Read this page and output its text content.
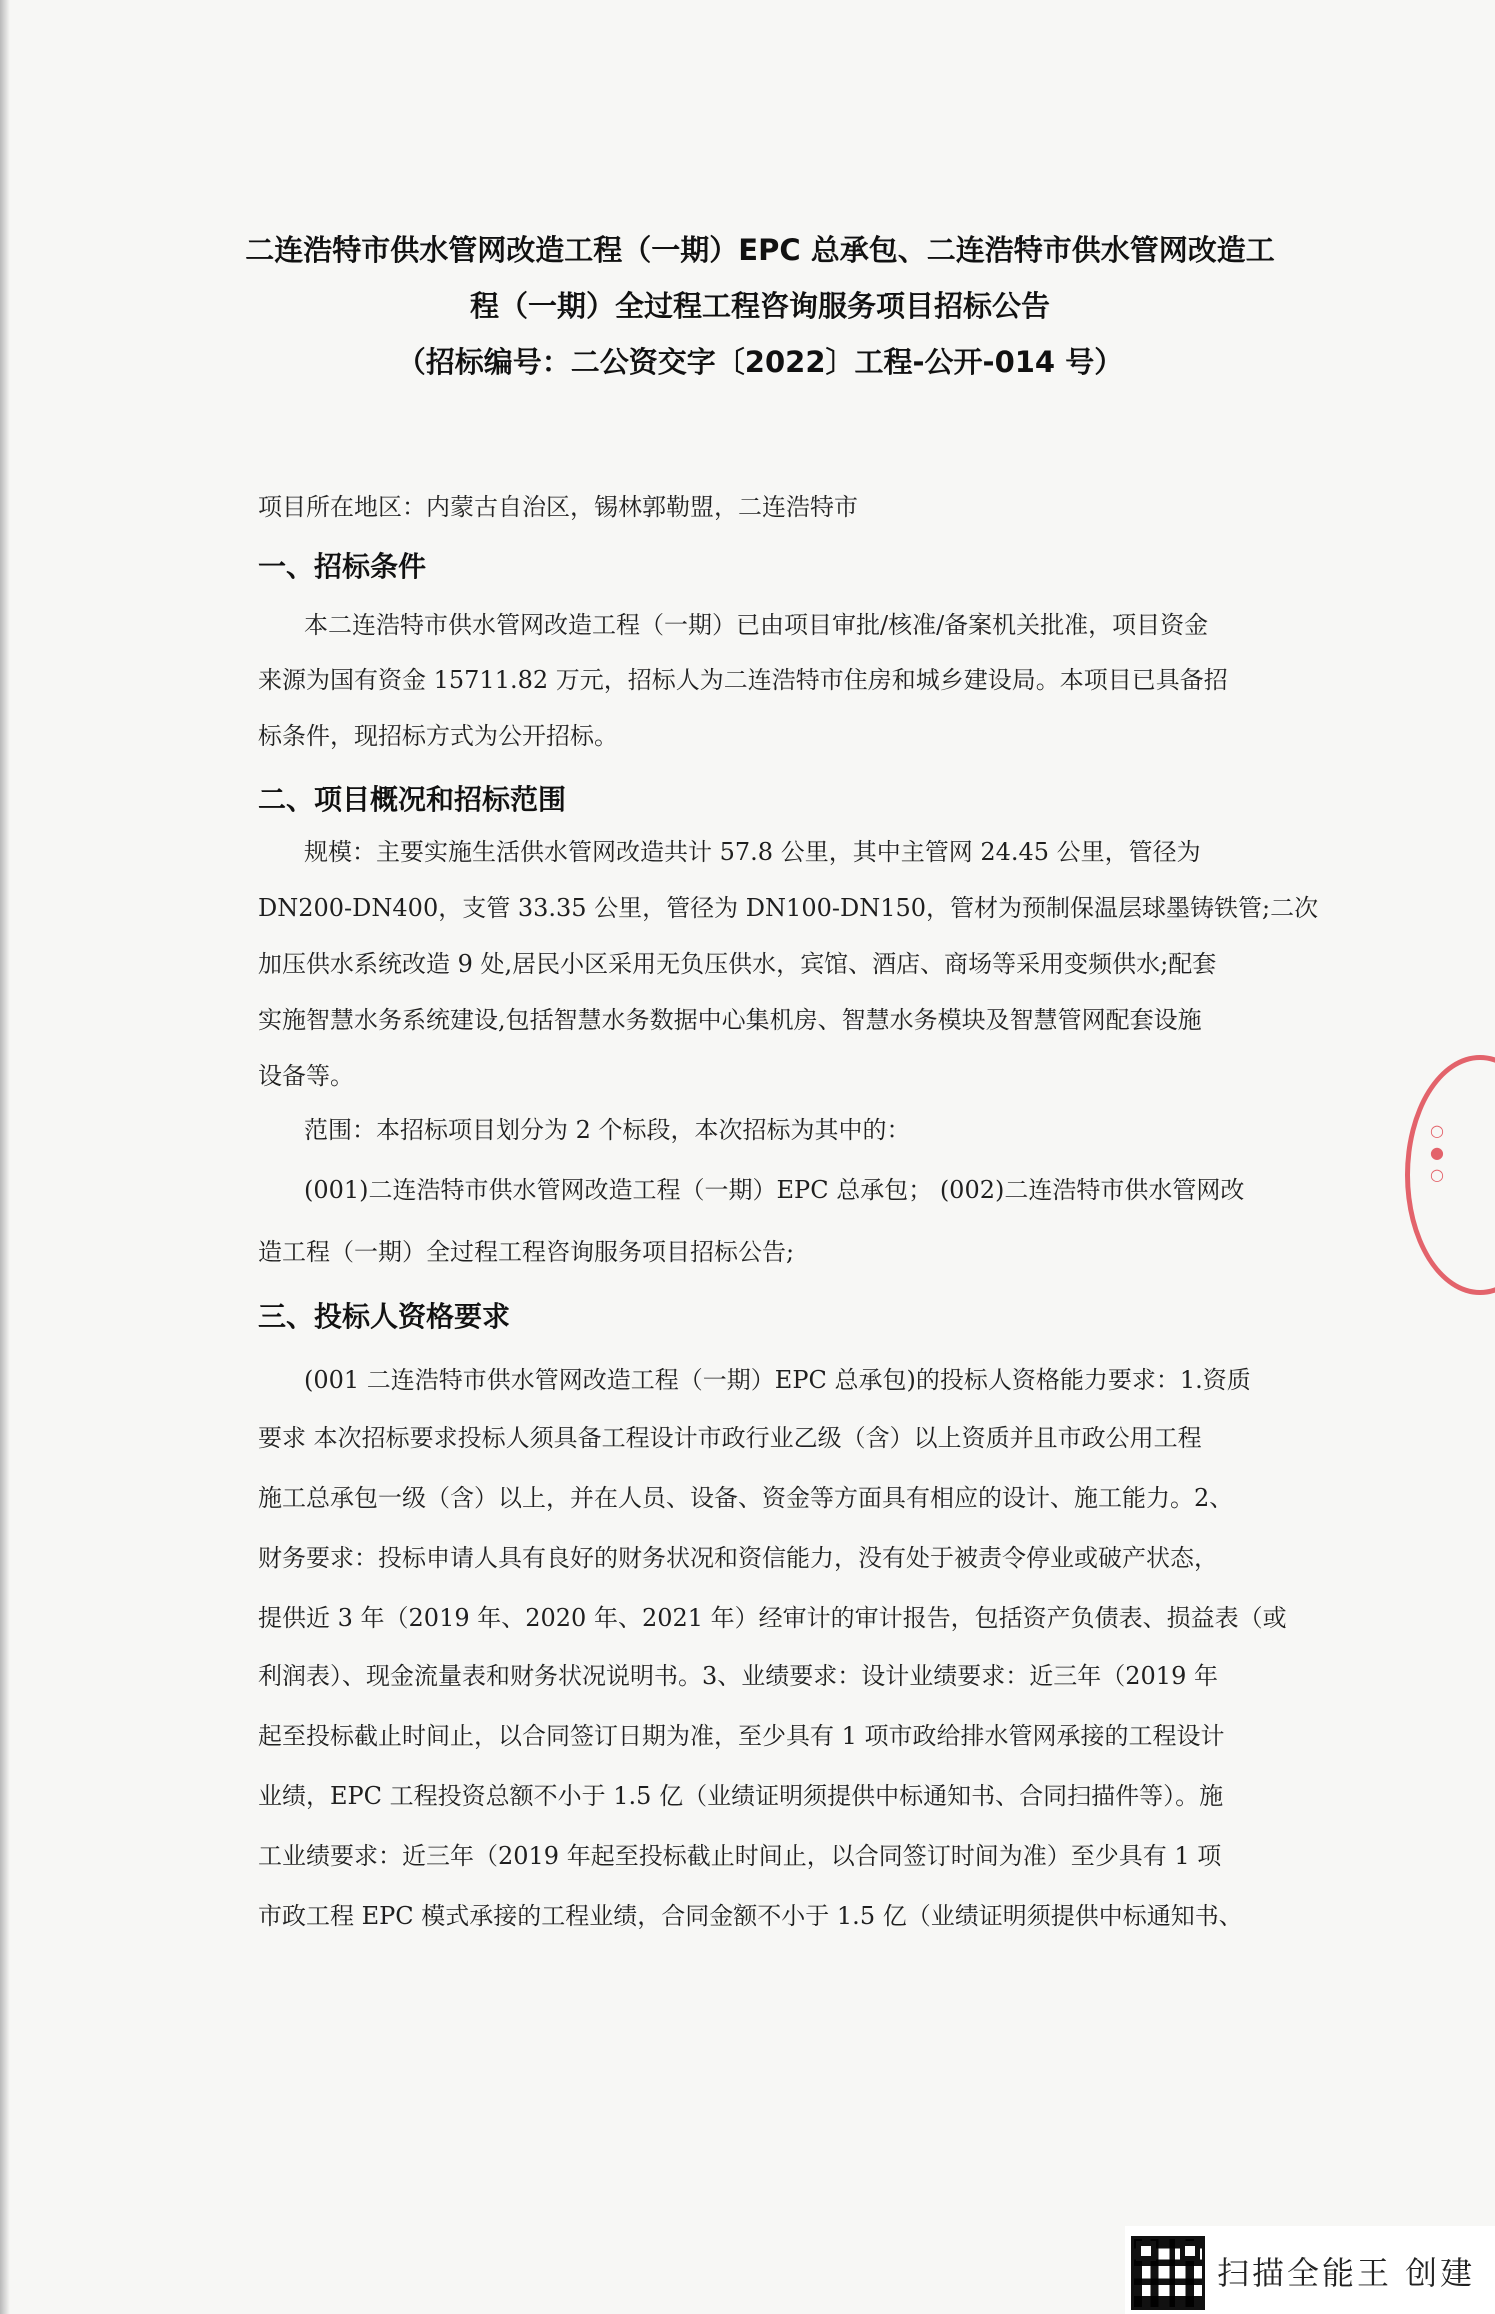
二连浩特市供水管网改造工程（一期）EPC 总承包、二连浩特市供水管网改造工
程（一期）全过程工程咨询服务项目招标公告
（招标编号：二公资交字〔2022〕工程-公开-014 号）
项目所在地区：内蒙古自治区，锡林郭勒盟，二连浩特市
一、招标条件
本二连浩特市供水管网改造工程（一期）已由项目审批/核准/备案机关批准，项目资金
来源为国有资金 15711.82 万元，招标人为二连浩特市住房和城乡建设局。本项目已具备招
标条件，现招标方式为公开招标。
二、项目概况和招标范围
规模：主要实施生活供水管网改造共计 57.8 公里，其中主管网 24.45 公里，管径为
DN200-DN400，支管 33.35 公里，管径为 DN100-DN150，管材为预制保温层球墨铸铁管;二次
加压供水系统改造 9 处,居民小区采用无负压供水，宾馆、酒店、商场等采用变频供水;配套
实施智慧水务系统建设,包括智慧水务数据中心集机房、智慧水务模块及智慧管网配套设施
设备等。
范围：本招标项目划分为 2 个标段，本次招标为其中的：
(001)二连浩特市供水管网改造工程（一期）EPC 总承包； (002)二连浩特市供水管网改
造工程（一期）全过程工程咨询服务项目招标公告;
三、投标人资格要求
(001 二连浩特市供水管网改造工程（一期）EPC 总承包)的投标人资格能力要求：1.资质
要求 本次招标要求投标人须具备工程设计市政行业乙级（含）以上资质并且市政公用工程
施工总承包一级（含）以上，并在人员、设备、资金等方面具有相应的设计、施工能力。2、
财务要求：投标申请人具有良好的财务状况和资信能力，没有处于被责令停业或破产状态，
提供近 3 年（2019 年、2020 年、2021 年）经审计的审计报告，包括资产负债表、损益表（或
利润表）、现金流量表和财务状况说明书。3、业绩要求：设计业绩要求：近三年（2019 年
起至投标截止时间止，以合同签订日期为准，至少具有 1 项市政给排水管网承接的工程设计
业绩，EPC 工程投资总额不小于 1.5 亿（业绩证明须提供中标通知书、合同扫描件等）。施
工业绩要求：近三年（2019 年起至投标截止时间止，以合同签订时间为准）至少具有 1 项
市政工程 EPC 模式承接的工程业绩，合同金额不小于 1.5 亿（业绩证明须提供中标通知书、
○
●
○
扫描全能王 创建
